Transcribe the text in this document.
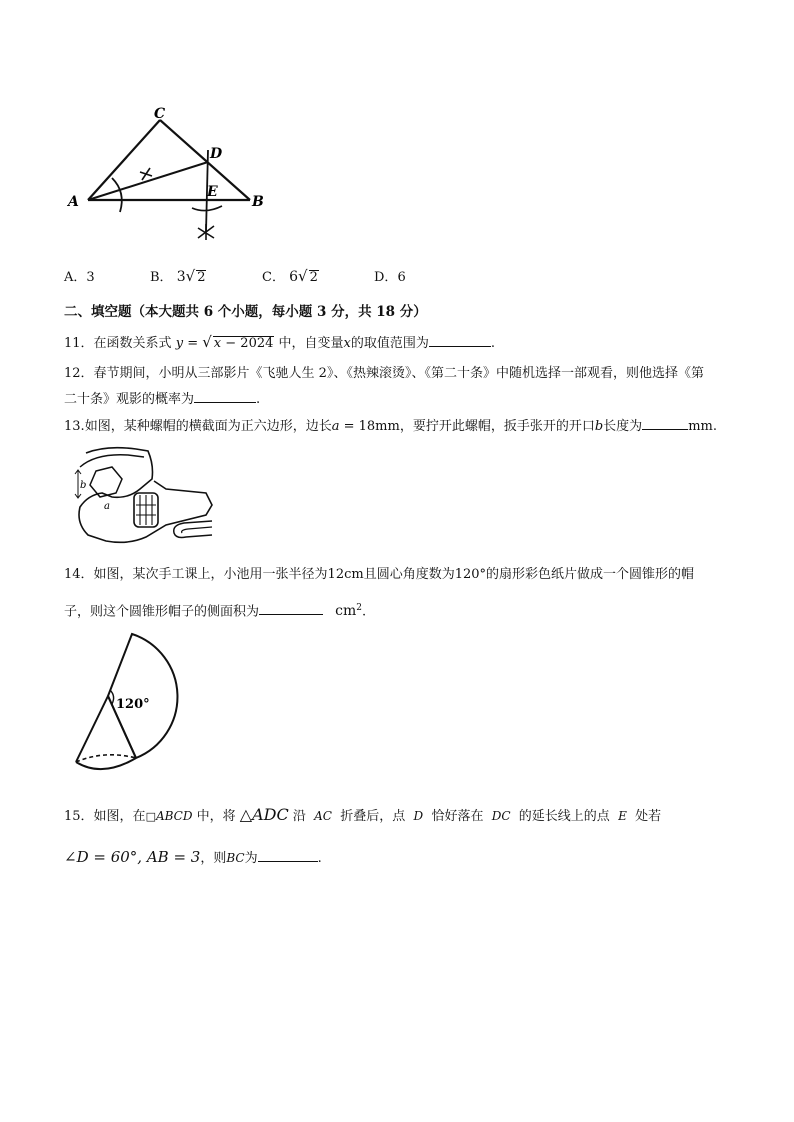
A	B
C
D
E
A．3	B． 3√ 2	C． 6√ 2	D．6
二、填空题（本大题共 6 个小题，每小题 3 分，共 18 分）
11．在函数关系式 y = √ x − 2024 中，自变量x的取值范围为	.
12．春节期间，小明从三部影片《飞驰人生 2》、《热辣滚烫》、《第二十条》中随机选择一部观看，则他选择《第
二十条》观影的概率为	.
13.如图，某种螺帽的横截面为正六边形，边长a = 18mm，要拧开此螺帽，扳手张开的开口b长度为	mm.
b
a
14．如图，某次手工课上，小池用一张半径为12cm且圆心角度数为120°的扇形彩色纸片做成一个圆锥形的帽
子，则这个圆锥形帽子的侧面积为	$cm^2$.
120°
15．如图，在□ABCD 中，将 △ADC 沿 AC 折叠后，点 D 恰好落在 DC 的延长线上的点 E 处若
∠D = 60°, AB = 3，则BC为	.
